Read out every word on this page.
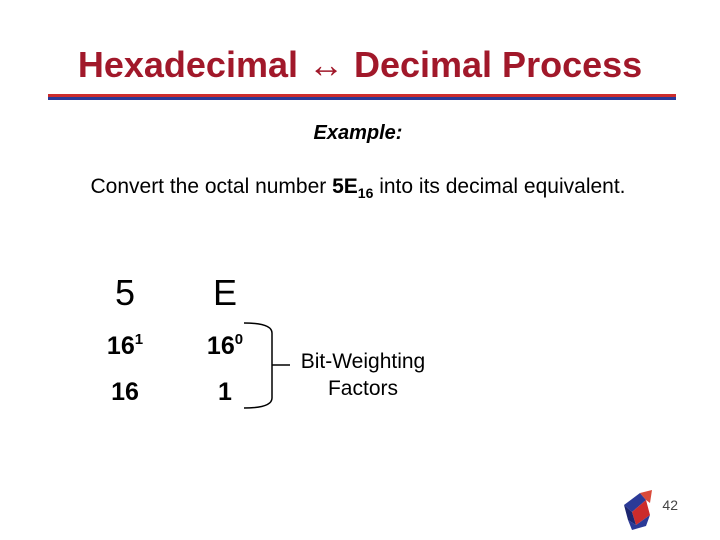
Hexadecimal ↔ Decimal Process
Example:
Convert the octal number $5E_{16}$ into its decimal equivalent.
5	E
$16^1$	$16^0$
16	1
Bit-Weighting
Factors
42
